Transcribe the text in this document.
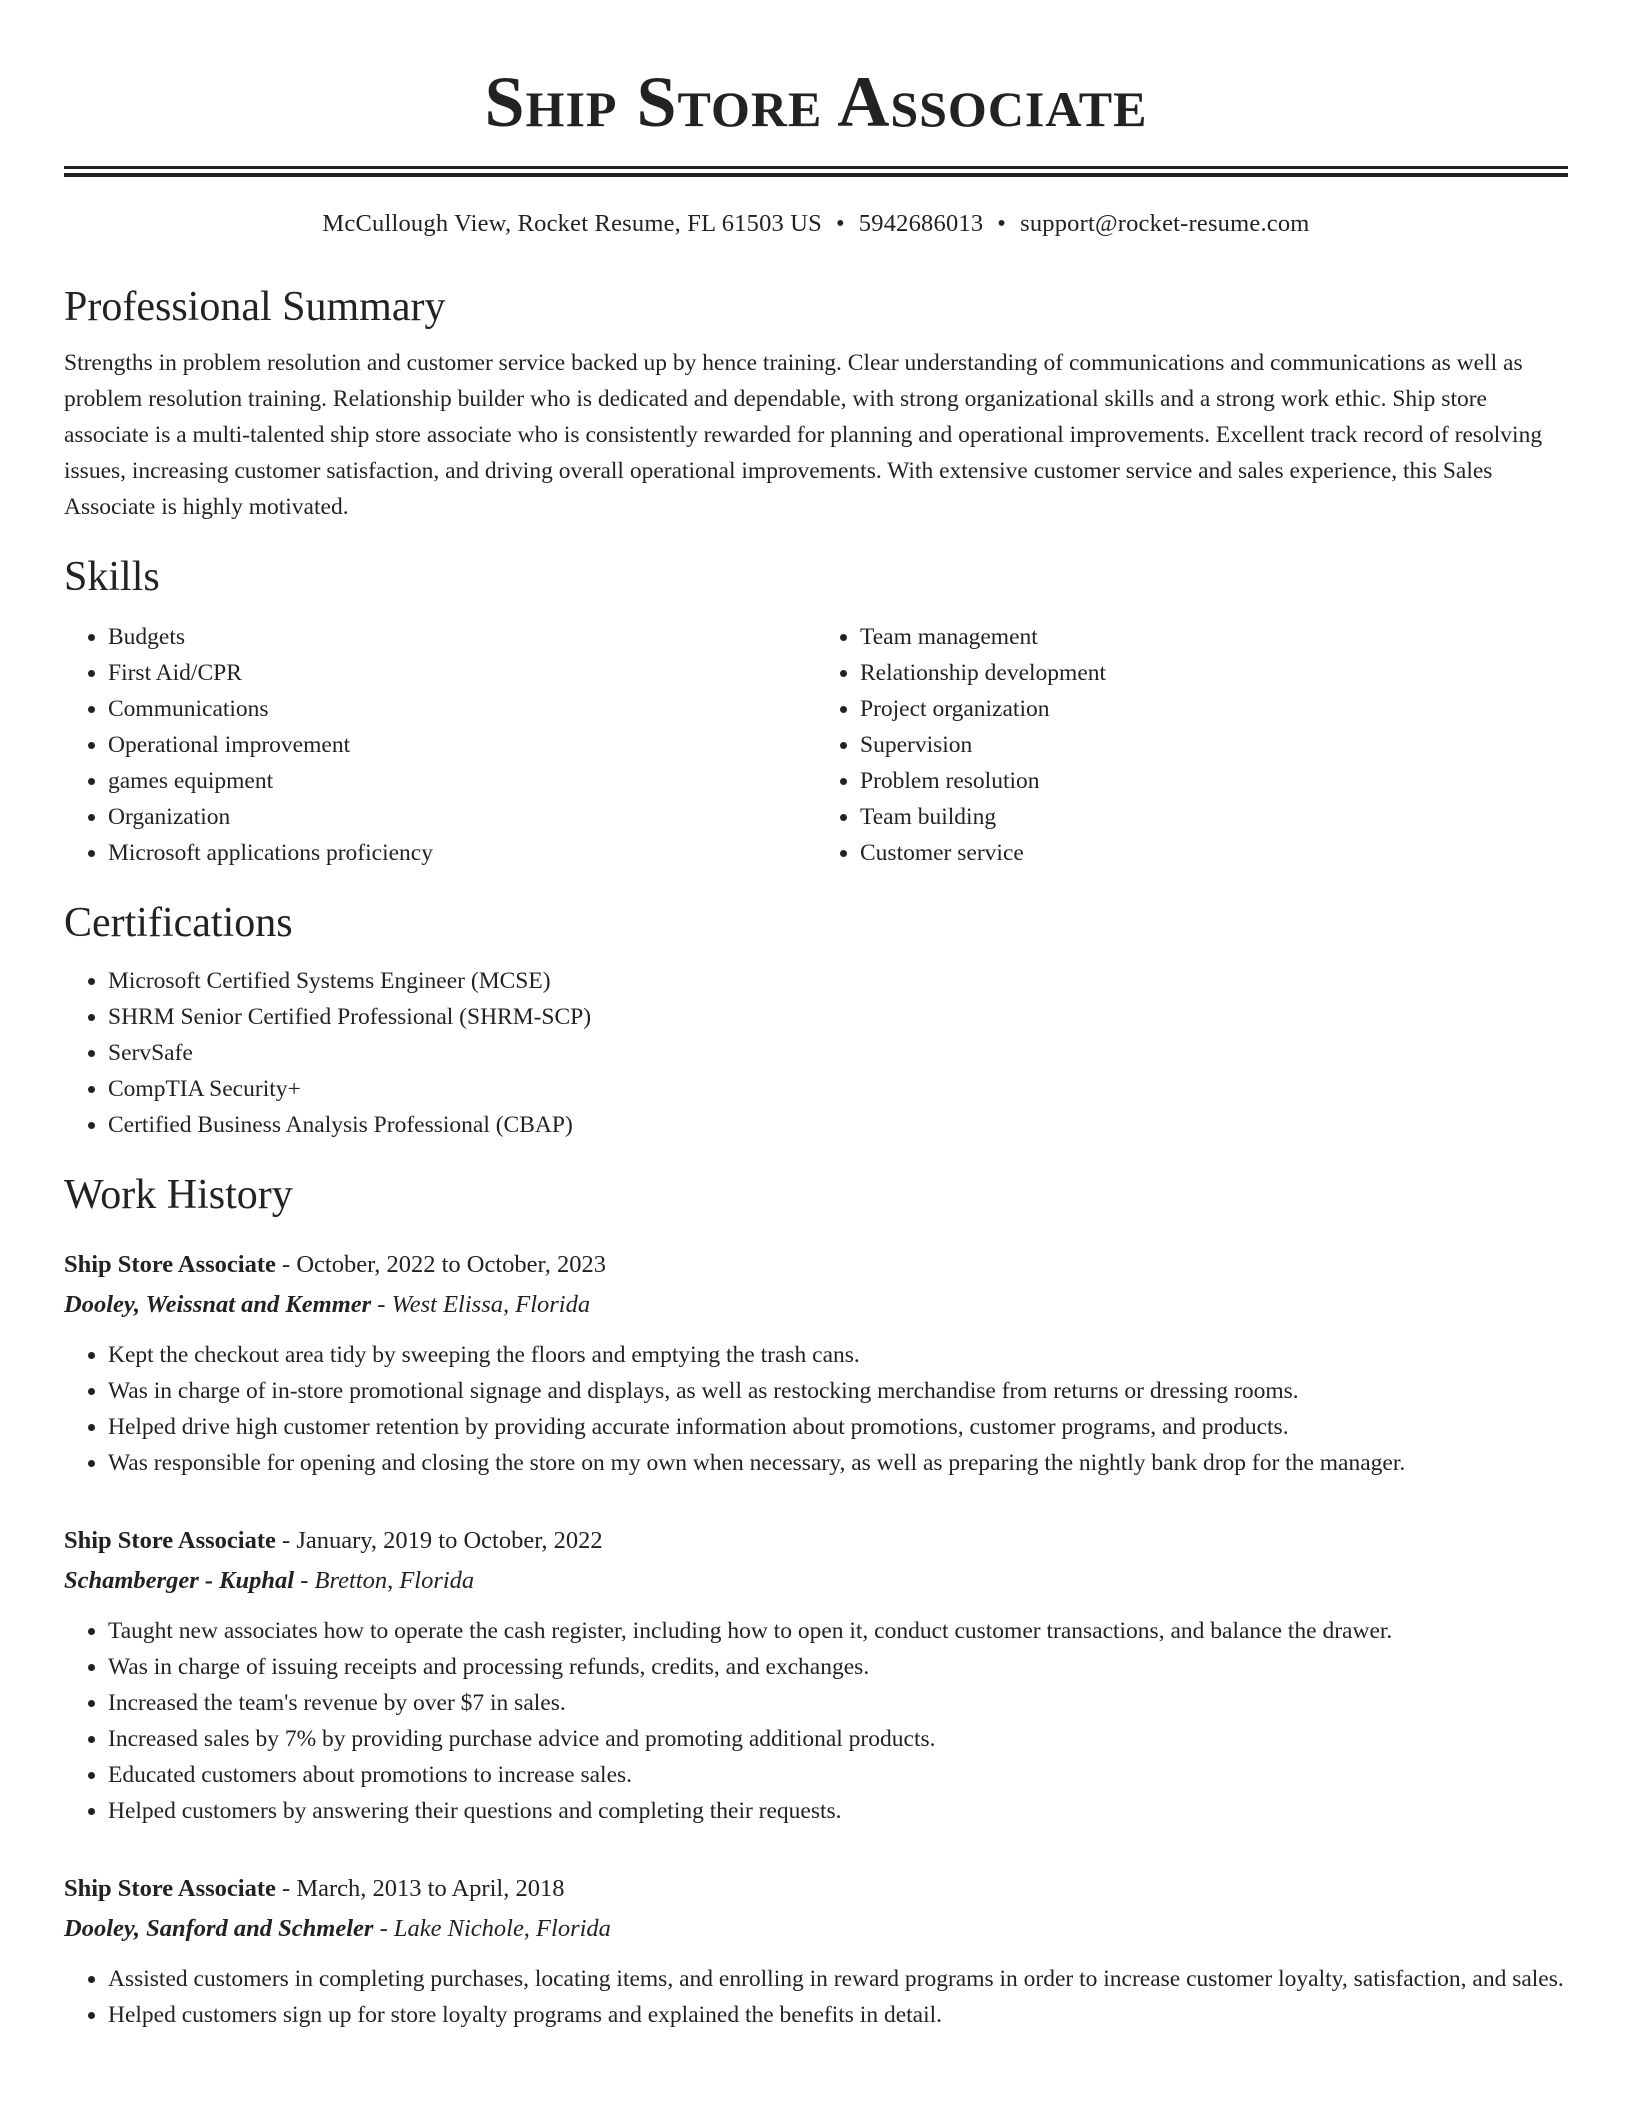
Ship Store Associate
McCullough View, Rocket Resume, FL 61503 US • 5942686013 • support@rocket-resume.com
Professional Summary

Strengths in problem resolution and customer service backed up by hence training. Clear understanding of communications and communications as well as problem resolution training. Relationship builder who is dedicated and dependable, with strong organizational skills and a strong work ethic. Ship store associate is a multi-talented ship store associate who is consistently rewarded for planning and operational improvements. Excellent track record of resolving issues, increasing customer satisfaction, and driving overall operational improvements. With extensive customer service and sales experience, this Sales Associate is highly motivated.

Skills
• Budgets
• First Aid/CPR
• Communications
• Operational improvement
• games equipment
• Organization
• Microsoft applications proficiency
• Team management
• Relationship development
• Project organization
• Supervision
• Problem resolution
• Team building
• Customer service
Certifications
• Microsoft Certified Systems Engineer (MCSE)
• SHRM Senior Certified Professional (SHRM-SCP)
• ServSafe
• CompTIA Security+
• Certified Business Analysis Professional (CBAP)
Work History
Ship Store Associate - October, 2022 to October, 2023
Dooley, Weissnat and Kemmer - West Elissa, Florida
• Kept the checkout area tidy by sweeping the floors and emptying the trash cans.
• Was in charge of in-store promotional signage and displays, as well as restocking merchandise from returns or dressing rooms.
• Helped drive high customer retention by providing accurate information about promotions, customer programs, and products.
• Was responsible for opening and closing the store on my own when necessary, as well as preparing the nightly bank drop for the manager.
Ship Store Associate - January, 2019 to October, 2022
Schamberger - Kuphal - Bretton, Florida
• Taught new associates how to operate the cash register, including how to open it, conduct customer transactions, and balance the drawer.
• Was in charge of issuing receipts and processing refunds, credits, and exchanges.
• Increased the team's revenue by over $7 in sales.
• Increased sales by 7% by providing purchase advice and promoting additional products.
• Educated customers about promotions to increase sales.
• Helped customers by answering their questions and completing their requests.
Ship Store Associate - March, 2013 to April, 2018
Dooley, Sanford and Schmeler - Lake Nichole, Florida
• Assisted customers in completing purchases, locating items, and enrolling in reward programs in order to increase customer loyalty, satisfaction, and sales.
• Helped customers sign up for store loyalty programs and explained the benefits in detail.
